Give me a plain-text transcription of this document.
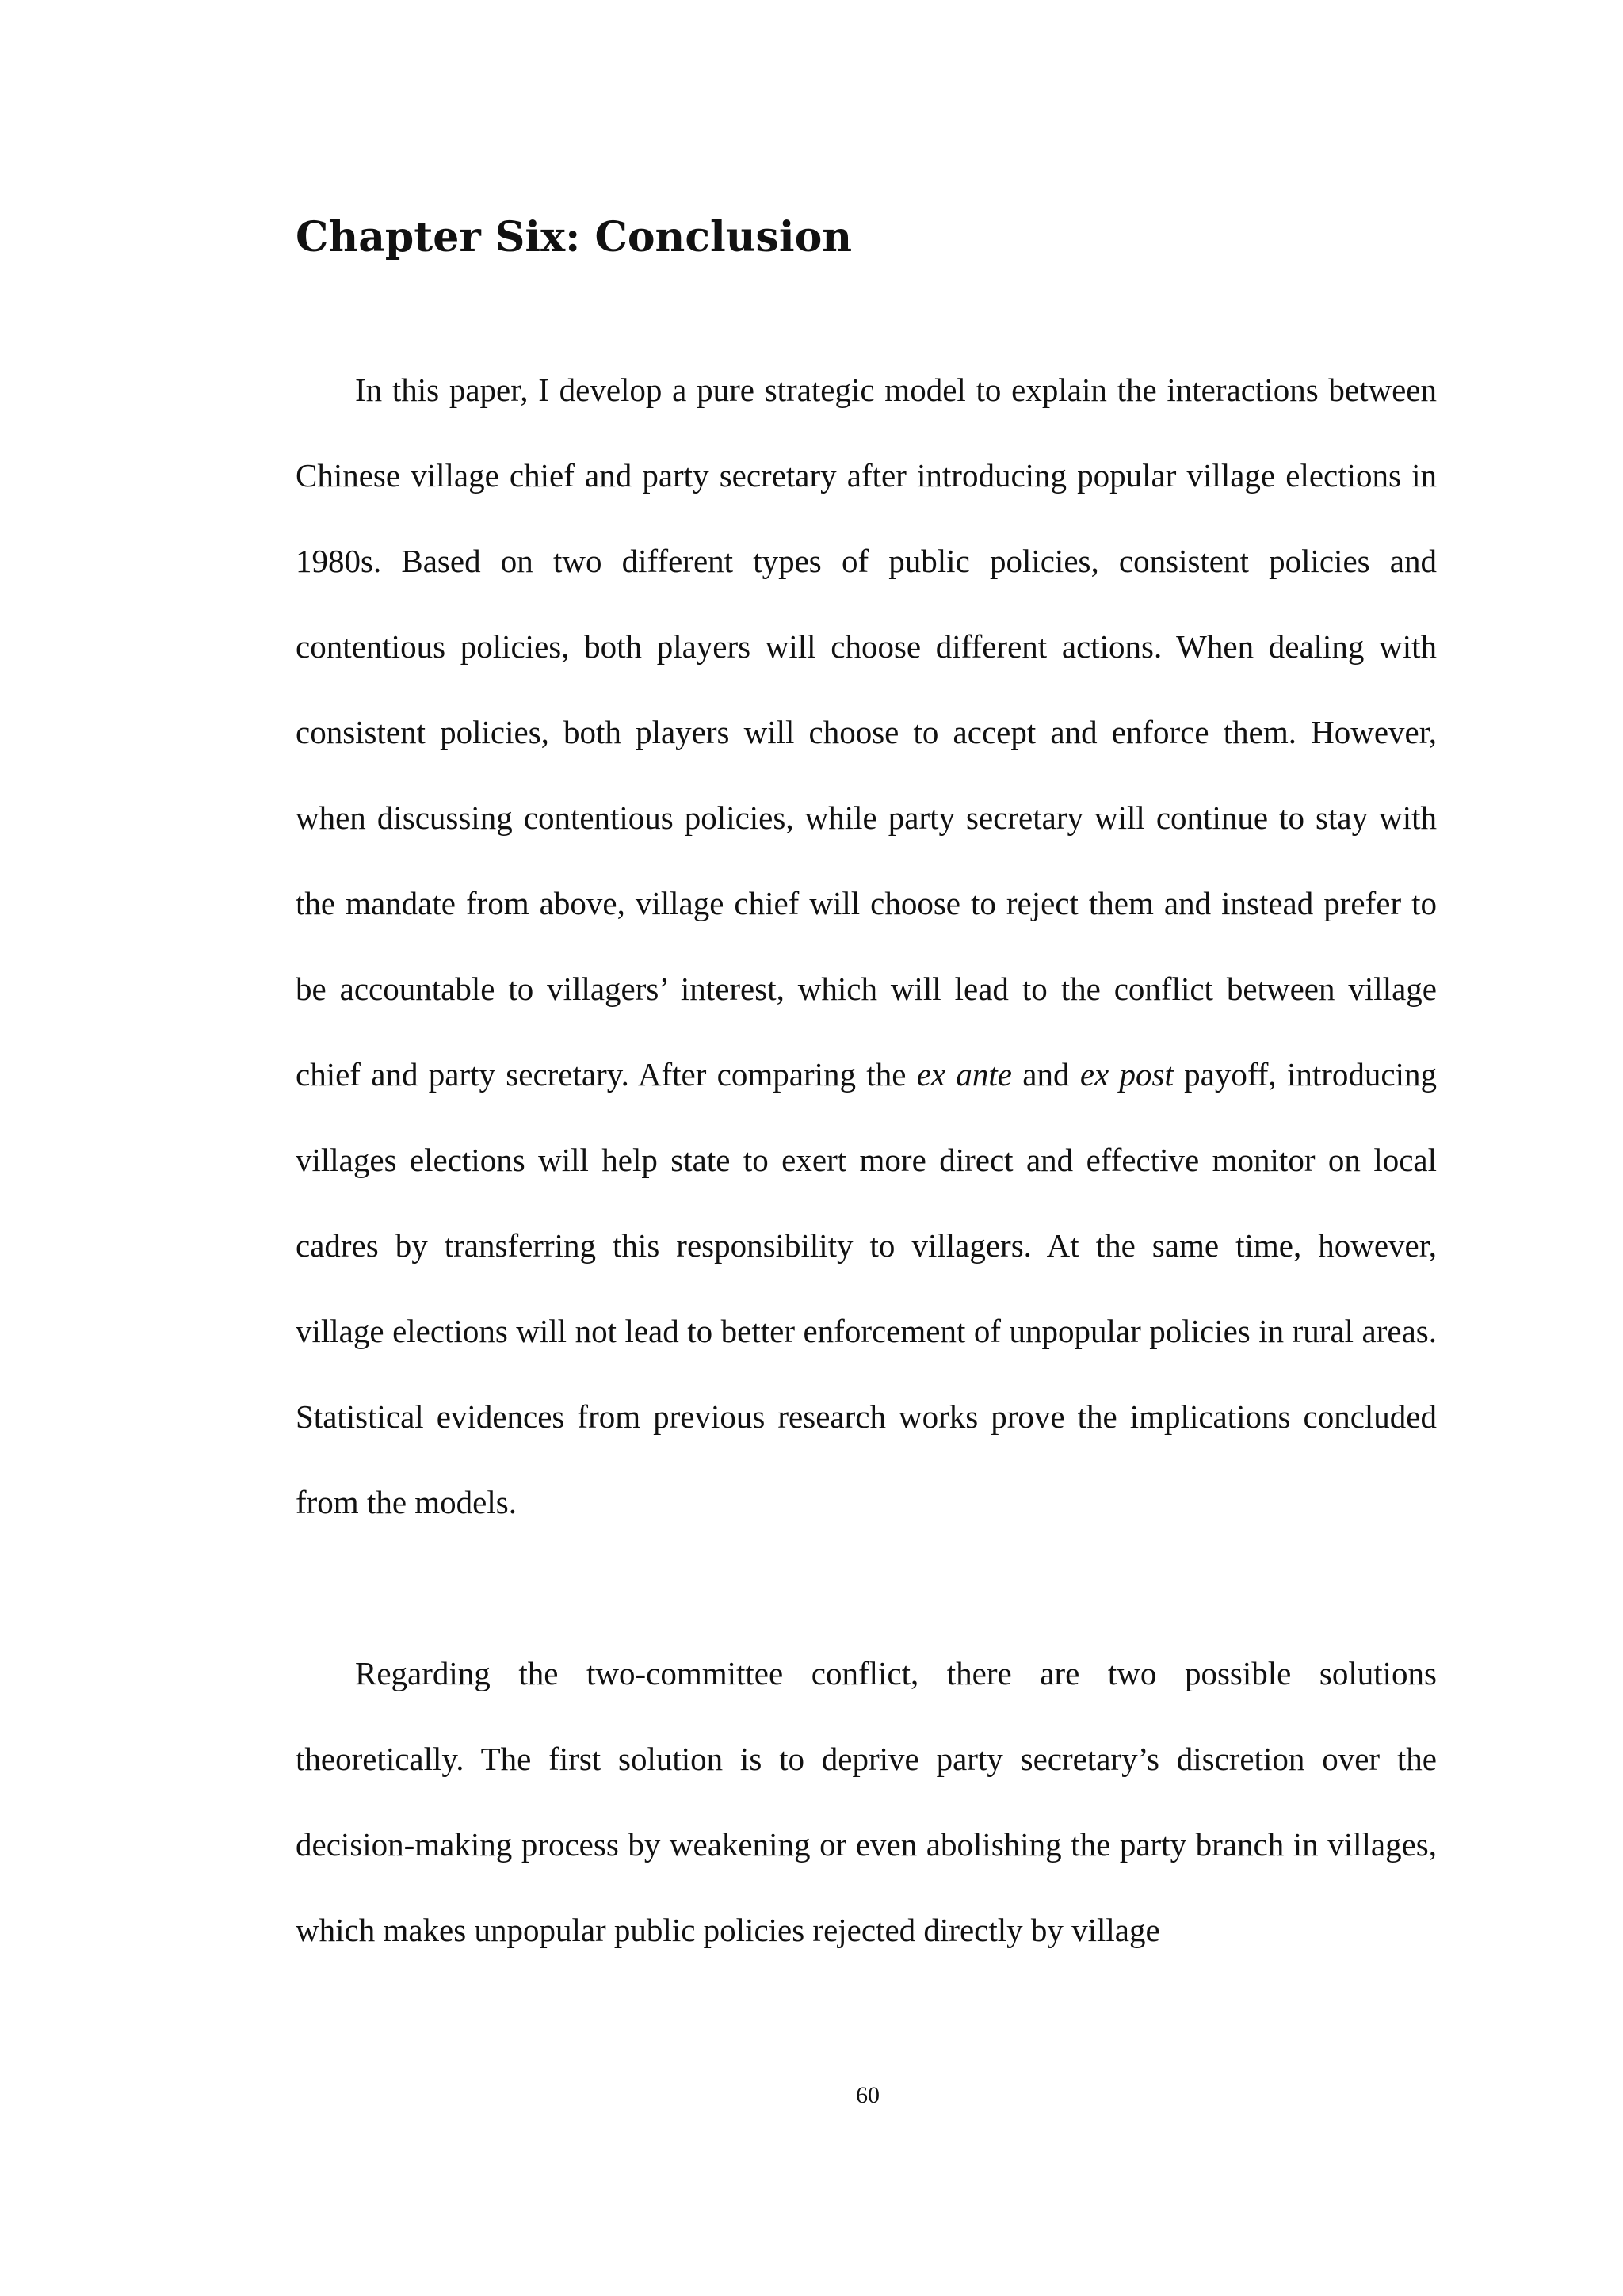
Chapter Six: Conclusion

In this paper, I develop a pure strategic model to explain the interactions between Chinese village chief and party secretary after introducing popular village elections in 1980s. Based on two different types of public policies, consistent policies and contentious policies, both players will choose different actions. When dealing with consistent policies, both players will choose to accept and enforce them. However, when discussing contentious policies, while party secretary will continue to stay with the mandate from above, village chief will choose to reject them and instead prefer to be accountable to villagers’ interest, which will lead to the conflict between village chief and party secretary. After comparing the ex ante and ex post payoff, introducing villages elections will help state to exert more direct and effective monitor on local cadres by transferring this responsibility to villagers. At the same time, however, village elections will not lead to better enforcement of unpopular policies in rural areas. Statistical evidences from previous research works prove the implications concluded from the models.

Regarding the two-committee conflict, there are two possible solutions theoretically. The first solution is to deprive party secretary’s discretion over the decision-making process by weakening or even abolishing the party branch in villages, which makes unpopular public policies rejected directly by village

60
